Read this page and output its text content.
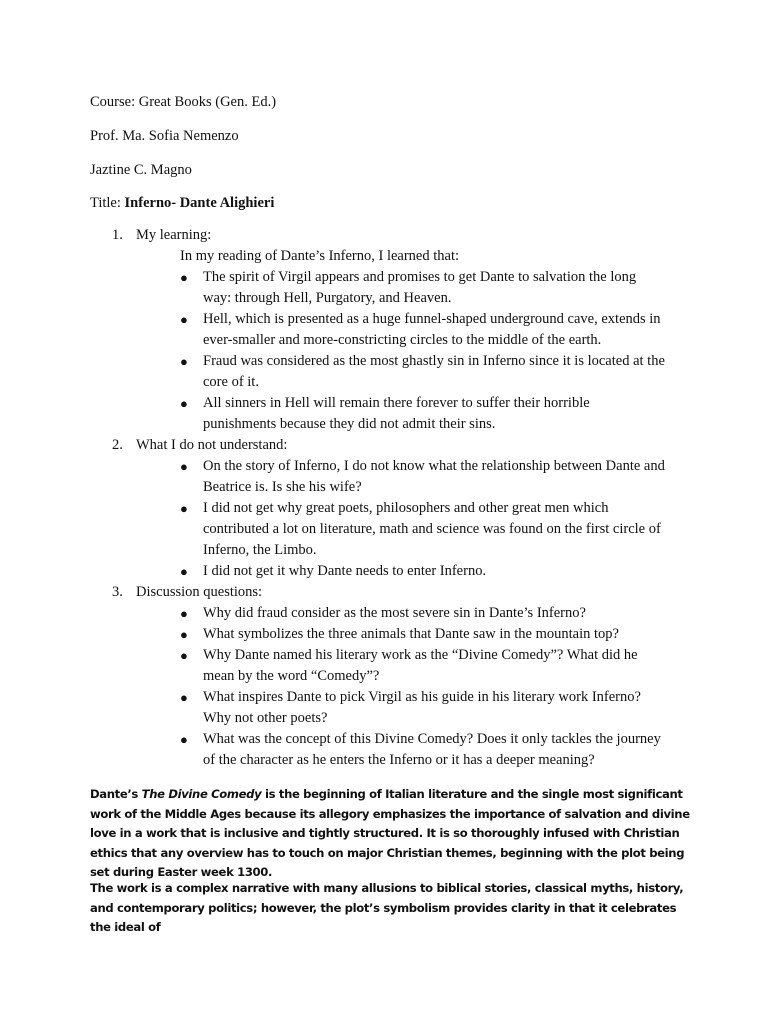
Course: Great Books (Gen. Ed.)
Prof. Ma. Sofia Nemenzo
Jaztine C. Magno
Title: Inferno- Dante Alighieri
1. My learning:
In my reading of Dante’s Inferno, I learned that:
● The spirit of Virgil appears and promises to get Dante to salvation the long way: through Hell, Purgatory, and Heaven.
● Hell, which is presented as a huge funnel-shaped underground cave, extends in ever-smaller and more-constricting circles to the middle of the earth.
● Fraud was considered as the most ghastly sin in Inferno since it is located at the core of it.
● All sinners in Hell will remain there forever to suffer their horrible punishments because they did not admit their sins.
2. What I do not understand:
● On the story of Inferno, I do not know what the relationship between Dante and Beatrice is. Is she his wife?
● I did not get why great poets, philosophers and other great men which contributed a lot on literature, math and science was found on the first circle of Inferno, the Limbo.
● I did not get it why Dante needs to enter Inferno.
3. Discussion questions:
● Why did fraud consider as the most severe sin in Dante’s Inferno?
● What symbolizes the three animals that Dante saw in the mountain top?
● Why Dante named his literary work as the “Divine Comedy”? What did he mean by the word “Comedy”?
● What inspires Dante to pick Virgil as his guide in his literary work Inferno? Why not other poets?
● What was the concept of this Divine Comedy? Does it only tackles the journey of the character as he enters the Inferno or it has a deeper meaning?
Dante’s The Divine Comedy is the beginning of Italian literature and the single most significant work of the Middle Ages because its allegory emphasizes the importance of salvation and divine love in a work that is inclusive and tightly structured. It is so thoroughly infused with Christian ethics that any overview has to touch on major Christian themes, beginning with the plot being set during Easter week 1300.
The work is a complex narrative with many allusions to biblical stories, classical myths, history, and contemporary politics; however, the plot’s symbolism provides clarity in that it celebrates the ideal of
